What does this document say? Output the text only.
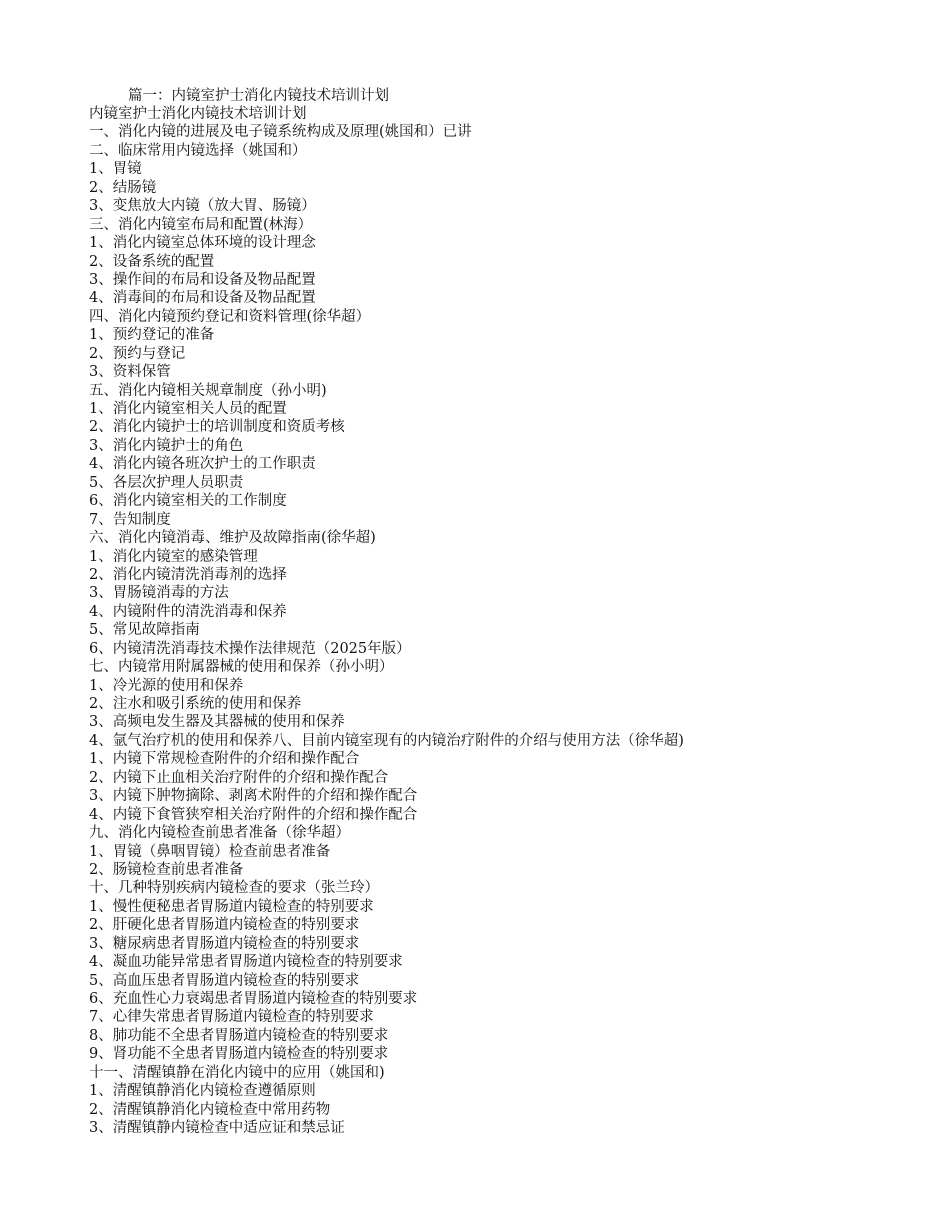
篇一：内镜室护士消化内镜技术培训计划
内镜室护士消化内镜技术培训计划
一、消化内镜的进展及电子镜系统构成及原理(姚国和）已讲
二、临床常用内镜选择（姚国和）
1、胃镜
2、结肠镜
3、变焦放大内镜（放大胃、肠镜）
三、消化内镜室布局和配置(林海）
1、消化内镜室总体环境的设计理念
2、设备系统的配置
3、操作间的布局和设备及物品配置
4、消毒间的布局和设备及物品配置
四、消化内镜预约登记和资料管理(徐华超）
1、预约登记的准备
2、预约与登记
3、资料保管
五、消化内镜相关规章制度（孙小明)
1、消化内镜室相关人员的配置
2、消化内镜护士的培训制度和资质考核
3、消化内镜护士的角色
4、消化内镜各班次护士的工作职责
5、各层次护理人员职责
6、消化内镜室相关的工作制度
7、告知制度
六、消化内镜消毒、维护及故障指南(徐华超)
1、消化内镜室的感染管理
2、消化内镜清洗消毒剂的选择
3、胃肠镜消毒的方法
4、内镜附件的清洗消毒和保养
5、常见故障指南
6、内镜清洗消毒技术操作法律规范（2025年版）
七、内镜常用附属器械的使用和保养（孙小明）
1、冷光源的使用和保养
2、注水和吸引系统的使用和保养
3、高频电发生器及其器械的使用和保养
4、氩气治疗机的使用和保养八、目前内镜室现有的内镜治疗附件的介绍与使用方法（徐华超)
1、内镜下常规检查附件的介绍和操作配合
2、内镜下止血相关治疗附件的介绍和操作配合
3、内镜下肿物摘除、剥离术附件的介绍和操作配合
4、内镜下食管狭窄相关治疗附件的介绍和操作配合
九、消化内镜检查前患者准备（徐华超）
1、胃镜（鼻咽胃镜）检查前患者准备
2、肠镜检查前患者准备
十、几种特别疾病内镜检查的要求（张兰玲）
1、慢性便秘患者胃肠道内镜检查的特别要求
2、肝硬化患者胃肠道内镜检查的特别要求
3、糖尿病患者胃肠道内镜检查的特别要求
4、凝血功能异常患者胃肠道内镜检查的特别要求
5、高血压患者胃肠道内镜检查的特别要求
6、充血性心力衰竭患者胃肠道内镜检查的特别要求
7、心律失常患者胃肠道内镜检查的特别要求
8、肺功能不全患者胃肠道内镜检查的特别要求
9、肾功能不全患者胃肠道内镜检查的特别要求
十一、清醒镇静在消化内镜中的应用（姚国和)
1、清醒镇静消化内镜检查遵循原则
2、清醒镇静消化内镜检查中常用药物
3、清醒镇静内镜检查中适应证和禁忌证
